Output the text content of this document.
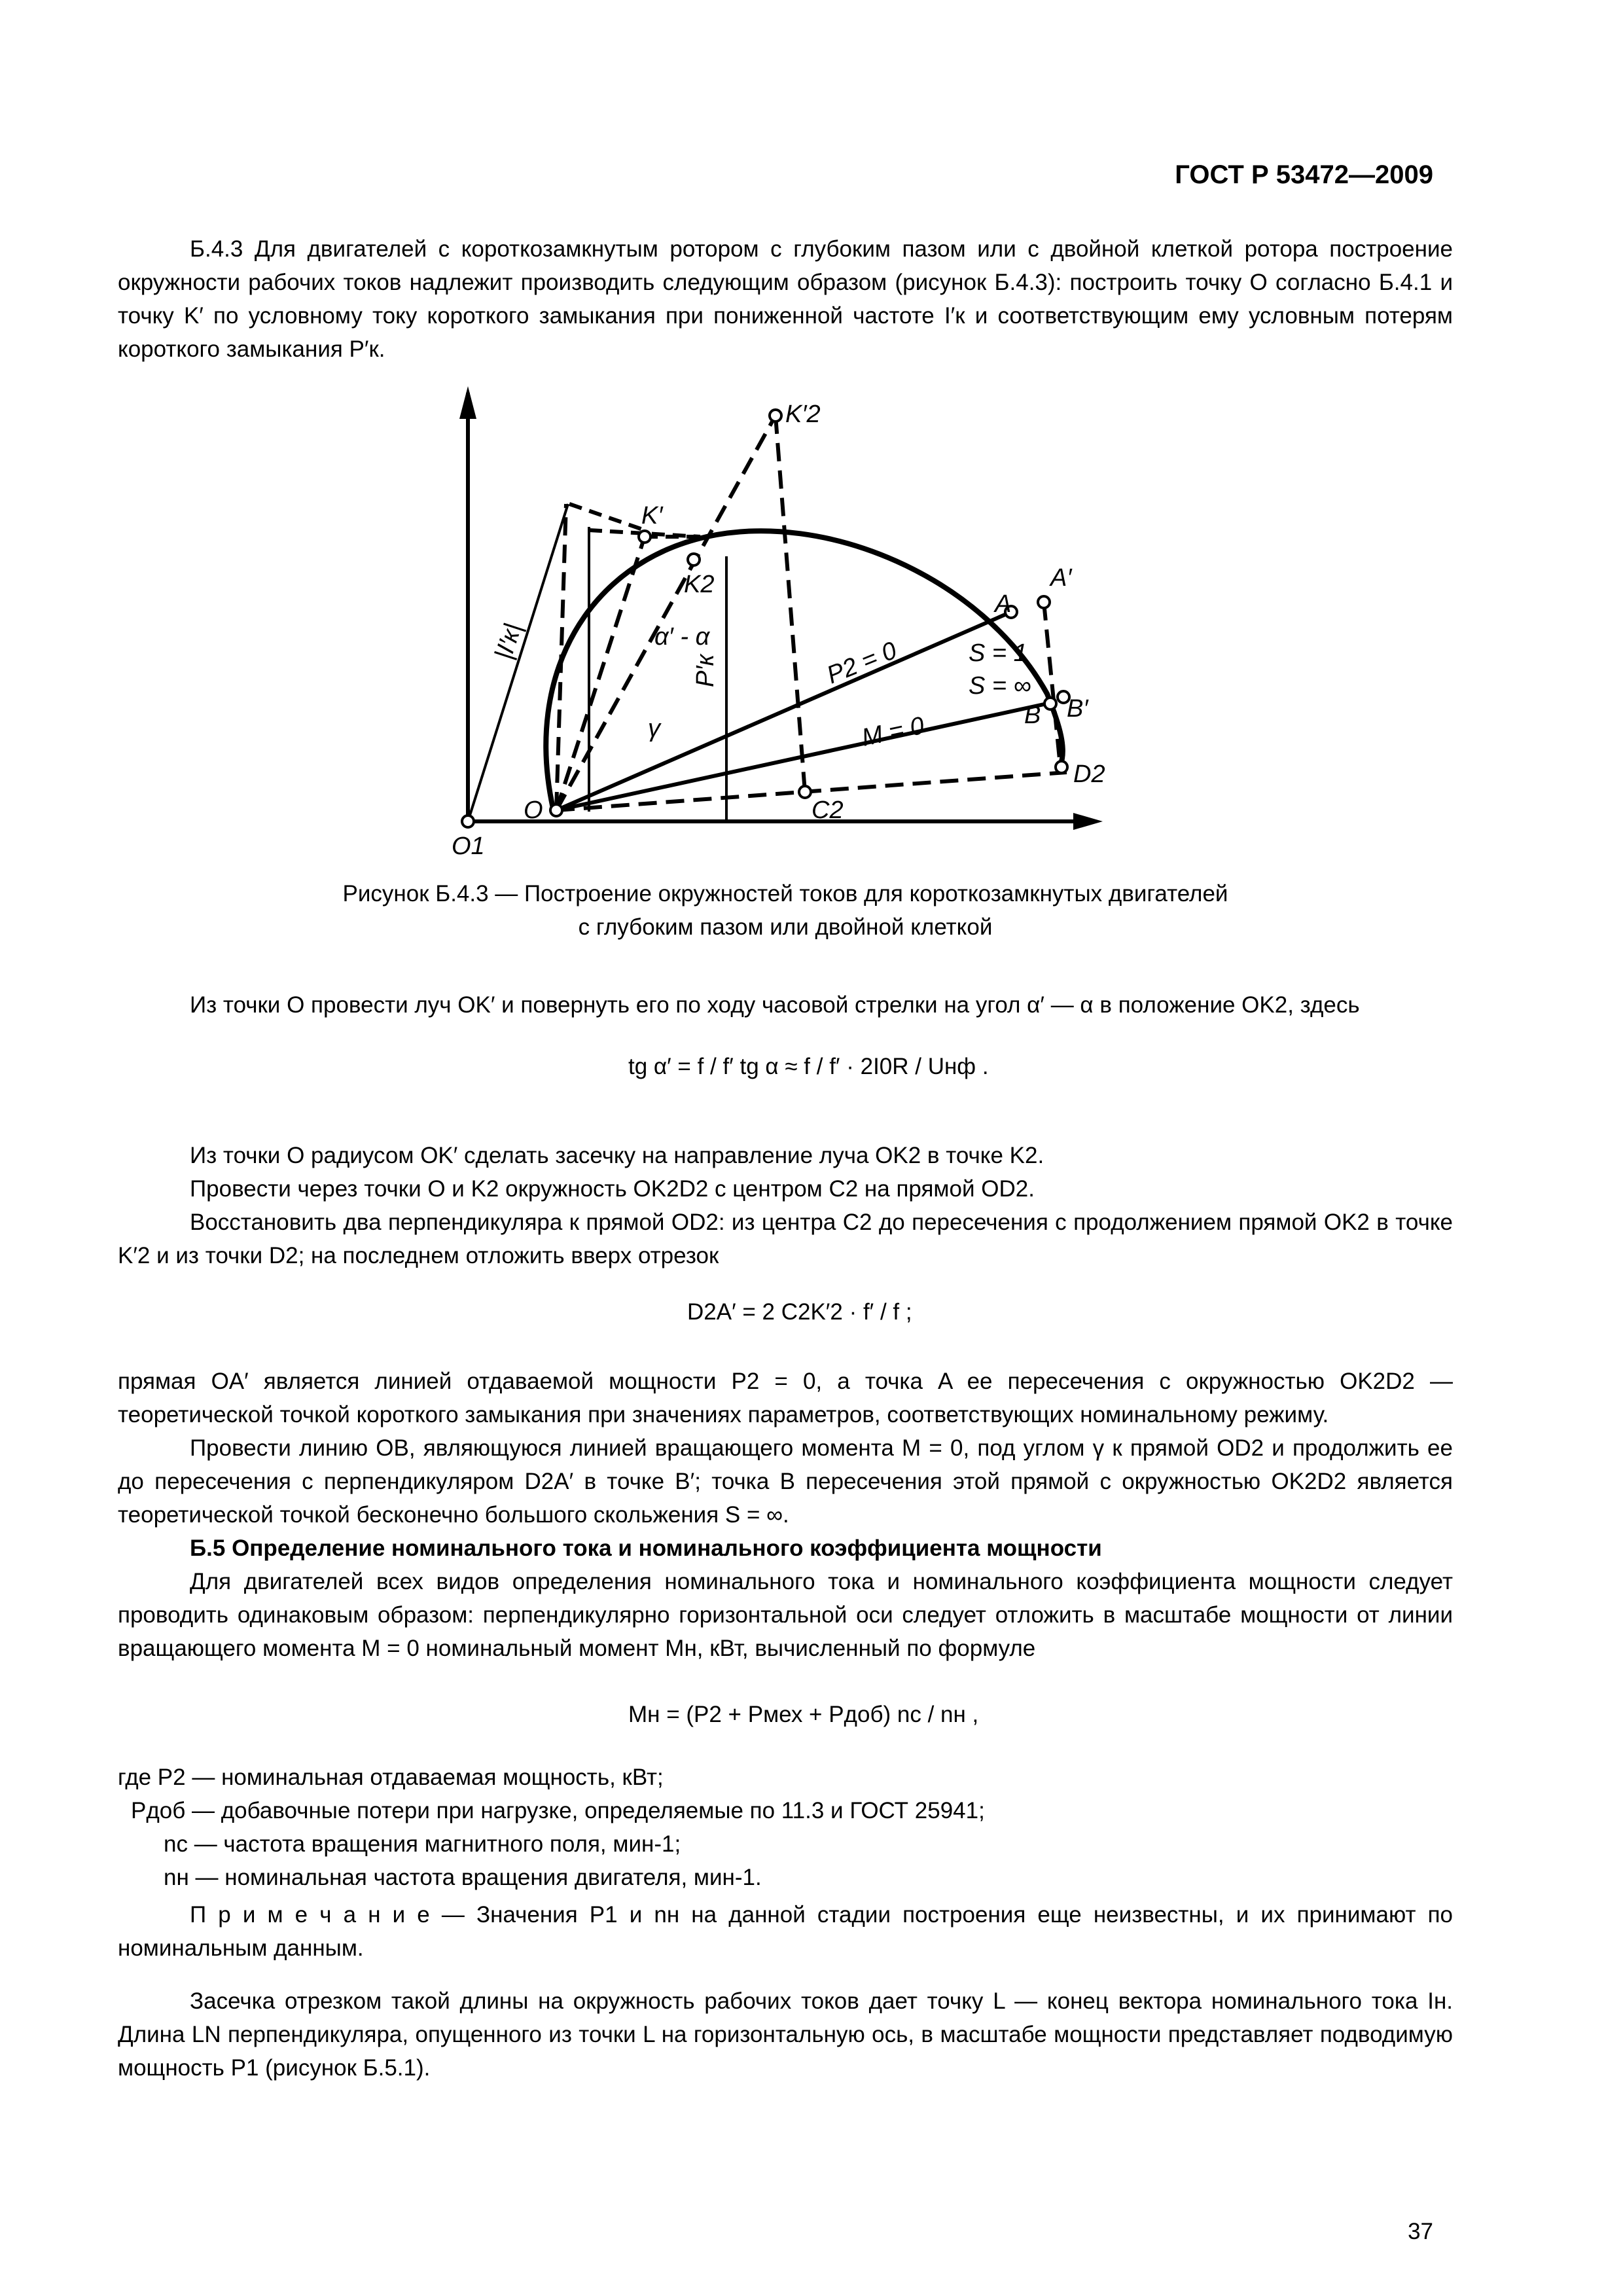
ГОСТ Р 53472—2009

Б.4.3 Для двигателей с короткозамкнутым ротором с глубоким пазом или с двойной клеткой ротора построение окружности рабочих токов надлежит производить следующим образом (рисунок Б.4.3): построить точку O согласно Б.4.1 и точку K′ по условному току короткого замыкания при пониженной частоте I′к и соответствующим ему условным потерям короткого замыкания P′к.

K′2
K′
K2
A
A′
S = 1
S = ∞
B B′
D2
C2
O
O1
P2 = 0
M = 0
α′ - α
γ
P′к
|I′к|
Рисунок Б.4.3 — Построение окружностей токов для короткозамкнутых двигателей
с глубоким пазом или двойной клеткой

Из точки O провести луч OK′ и повернуть его по ходу часовой стрелки на угол α′ — α в положение OK2, здесь

tg α′ = f / f′ tg α ≈ f / f′ · 2I0R / Uнф .

Из точки O радиусом OK′ сделать засечку на направление луча OK2 в точке K2.

Провести через точки O и K2 окружность OK2D2 с центром C2 на прямой OD2.

Восстановить два перпендикуляра к прямой OD2: из центра C2 до пересечения с продолжением прямой OK2 в точке K′2 и из точки D2; на последнем отложить вверх отрезок

D2A′ = 2 C2K′2 · f′ / f ;

прямая OA′ является линией отдаваемой мощности P2 = 0, а точка A ее пересечения с окружностью OK2D2 — теоретической точкой короткого замыкания при значениях параметров, соответствующих номинальному режиму.

Провести линию OB, являющуюся линией вращающего момента M = 0, под углом γ к прямой OD2 и продолжить ее до пересечения с перпендикуляром D2A′ в точке B′; точка B пересечения этой прямой с окружностью OK2D2 является теоретической точкой бесконечно большого скольжения S = ∞.

Б.5 Определение номинального тока и номинального коэффициента мощности

Для двигателей всех видов определения номинального тока и номинального коэффициента мощности следует проводить одинаковым образом: перпендикулярно горизонтальной оси следует отложить в масштабе мощности от линии вращающего момента M = 0 номинальный момент Mн, кВт, вычисленный по формуле

Mн = (P2 + Pмех + Pдоб) nс / nн ,
где P2 — номинальная отдаваемая мощность, кВт;
Pдоб — добавочные потери при нагрузке, определяемые по 11.3 и ГОСТ 25941;
nс — частота вращения магнитного поля, мин-1;
nн — номинальная частота вращения двигателя, мин-1.

П р и м е ч а н и е — Значения P1 и nн на данной стадии построения еще неизвестны, и их принимают по номинальным данным.

Засечка отрезком такой длины на окружность рабочих токов дает точку L — конец вектора номинального тока Iн. Длина LN перпендикуляра, опущенного из точки L на горизонтальную ось, в масштабе мощности представляет подводимую мощность P1 (рисунок Б.5.1).

37
